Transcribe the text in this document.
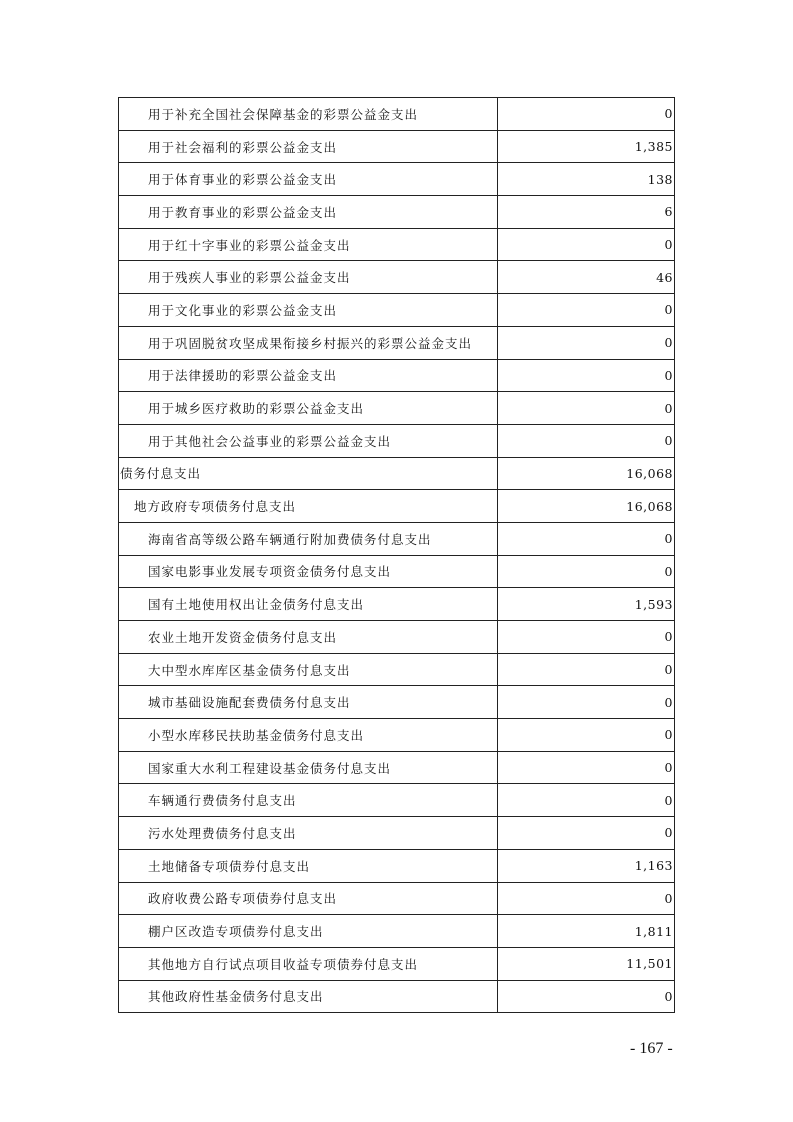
用于补充全国社会保障基金的彩票公益金支出	0
用于社会福利的彩票公益金支出	1,385
用于体育事业的彩票公益金支出	138
用于教育事业的彩票公益金支出	6
用于红十字事业的彩票公益金支出	0
用于残疾人事业的彩票公益金支出	46
用于文化事业的彩票公益金支出	0
用于巩固脱贫攻坚成果衔接乡村振兴的彩票公益金支出	0
用于法律援助的彩票公益金支出	0
用于城乡医疗救助的彩票公益金支出	0
用于其他社会公益事业的彩票公益金支出	0
债务付息支出	16,068
地方政府专项债务付息支出	16,068
海南省高等级公路车辆通行附加费债务付息支出	0
国家电影事业发展专项资金债务付息支出	0
国有土地使用权出让金债务付息支出	1,593
农业土地开发资金债务付息支出	0
大中型水库库区基金债务付息支出	0
城市基础设施配套费债务付息支出	0
小型水库移民扶助基金债务付息支出	0
国家重大水利工程建设基金债务付息支出	0
车辆通行费债务付息支出	0
污水处理费债务付息支出	0
土地储备专项债券付息支出	1,163
政府收费公路专项债券付息支出	0
棚户区改造专项债券付息支出	1,811
其他地方自行试点项目收益专项债券付息支出	11,501
其他政府性基金债务付息支出	0
- 167 -
